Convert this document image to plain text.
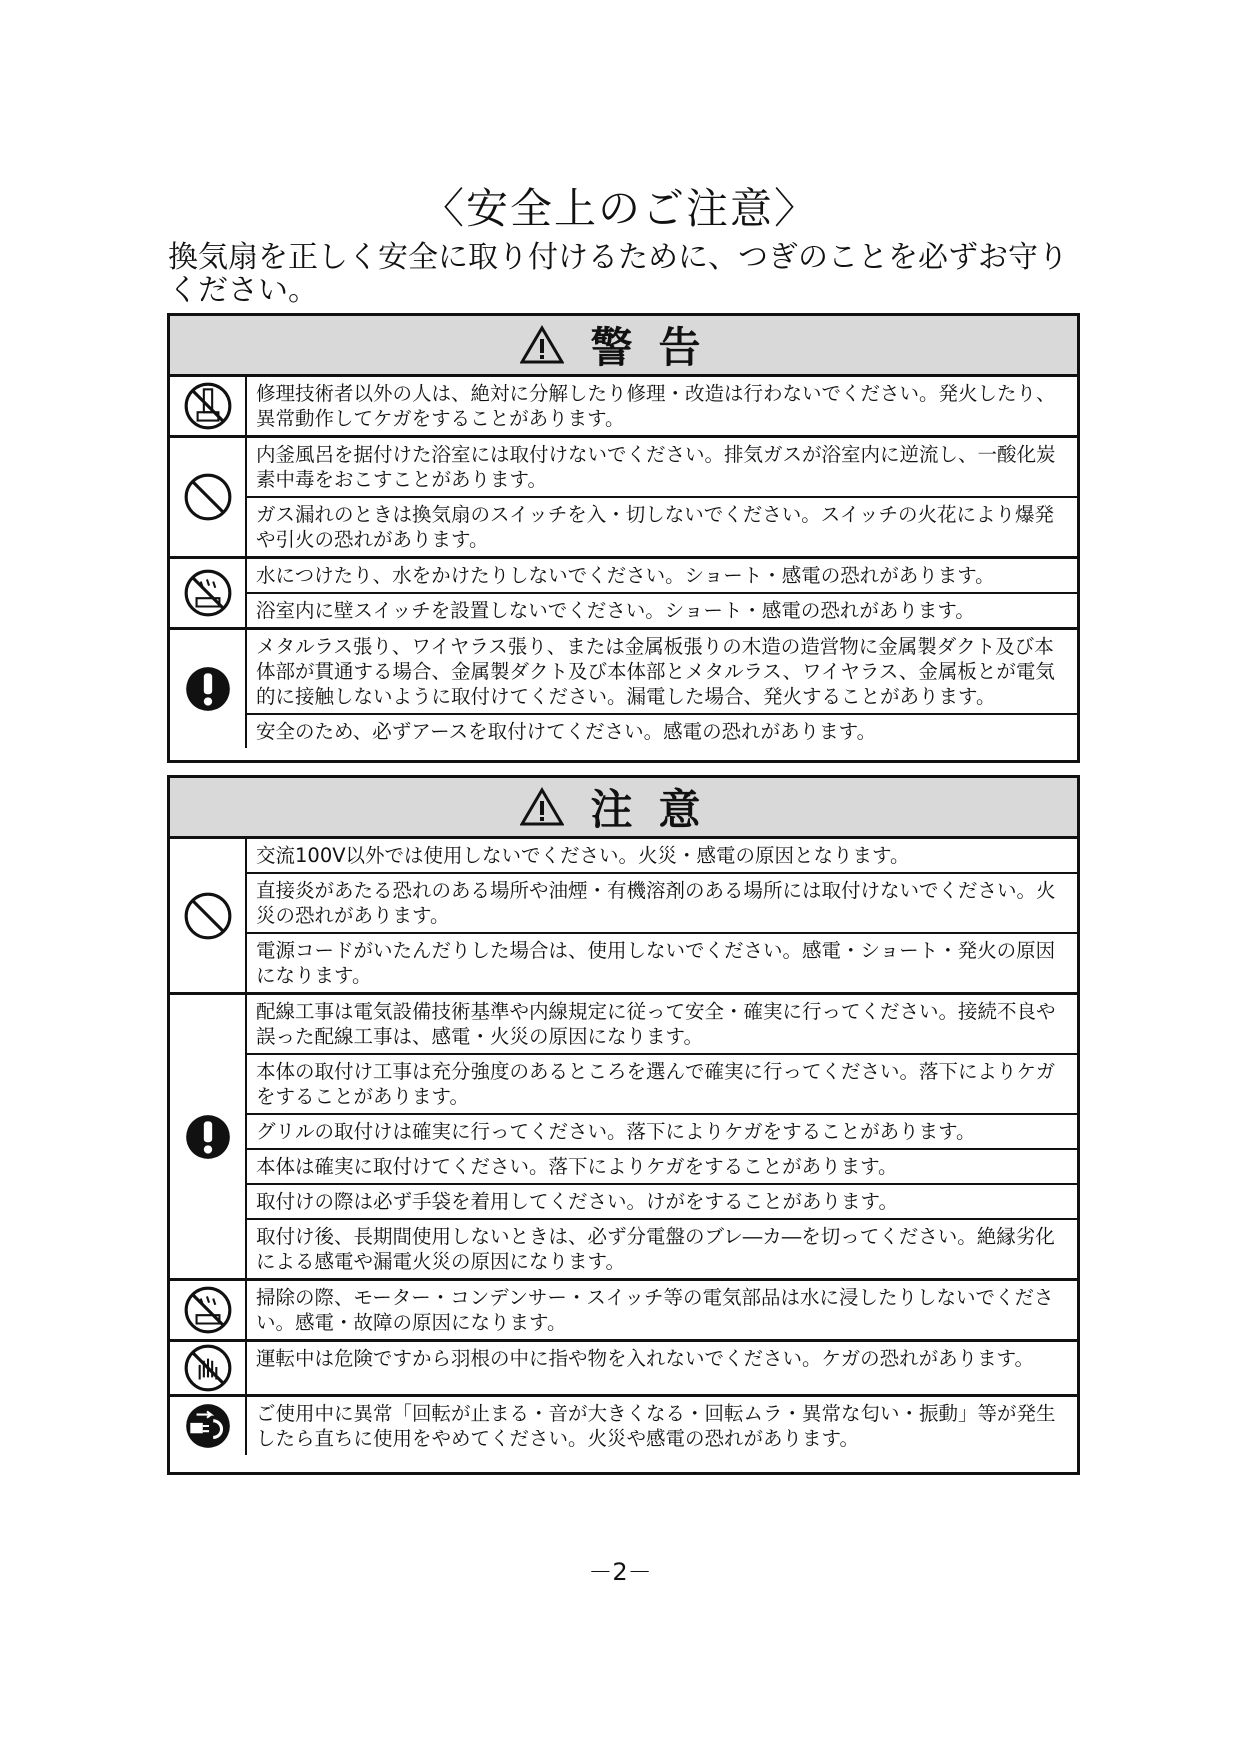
〈安全上のご注意〉
換気扇を正しく安全に取り付けるために、つぎのことを必ずお守り
ください。
警告
修理技術者以外の人は、絶対に分解したり修理・改造は行わないでください。発火したり、異常動作してケガをすることがあります。
内釜風呂を据付けた浴室には取付けないでください。排気ガスが浴室内に逆流し、一酸化炭素中毒をおこすことがあります。
ガス漏れのときは換気扇のスイッチを入・切しないでください。スイッチの火花により爆発や引火の恐れがあります。
水につけたり、水をかけたりしないでください。ショート・感電の恐れがあります。
浴室内に壁スイッチを設置しないでください。ショート・感電の恐れがあります。
メタルラス張り、ワイヤラス張り、または金属板張りの木造の造営物に金属製ダクト及び本体部が貫通する場合、金属製ダクト及び本体部とメタルラス、ワイヤラス、金属板とが電気的に接触しないように取付けてください。漏電した場合、発火することがあります。
安全のため、必ずアースを取付けてください。感電の恐れがあります。
注意
交流100V以外では使用しないでください。火災・感電の原因となります。
直接炎があたる恐れのある場所や油煙・有機溶剤のある場所には取付けないでください。火災の恐れがあります。
電源コードがいたんだりした場合は、使用しないでください。感電・ショート・発火の原因になります。
配線工事は電気設備技術基準や内線規定に従って安全・確実に行ってください。接続不良や誤った配線工事は、感電・火災の原因になります。
本体の取付け工事は充分強度のあるところを選んで確実に行ってください。落下によりケガをすることがあります。
グリルの取付けは確実に行ってください。落下によりケガをすることがあります。
本体は確実に取付けてください。落下によりケガをすることがあります。
取付けの際は必ず手袋を着用してください。けがをすることがあります。
取付け後、長期間使用しないときは、必ず分電盤のブレ―カ―を切ってください。絶縁劣化による感電や漏電火災の原因になります。
掃除の際、モーター・コンデンサー・スイッチ等の電気部品は水に浸したりしないでください。感電・故障の原因になります。
運転中は危険ですから羽根の中に指や物を入れないでください。ケガの恐れがあります。
ご使用中に異常「回転が止まる・音が大きくなる・回転ムラ・異常な匂い・振動」等が発生したら直ちに使用をやめてください。火災や感電の恐れがあります。
－2－
